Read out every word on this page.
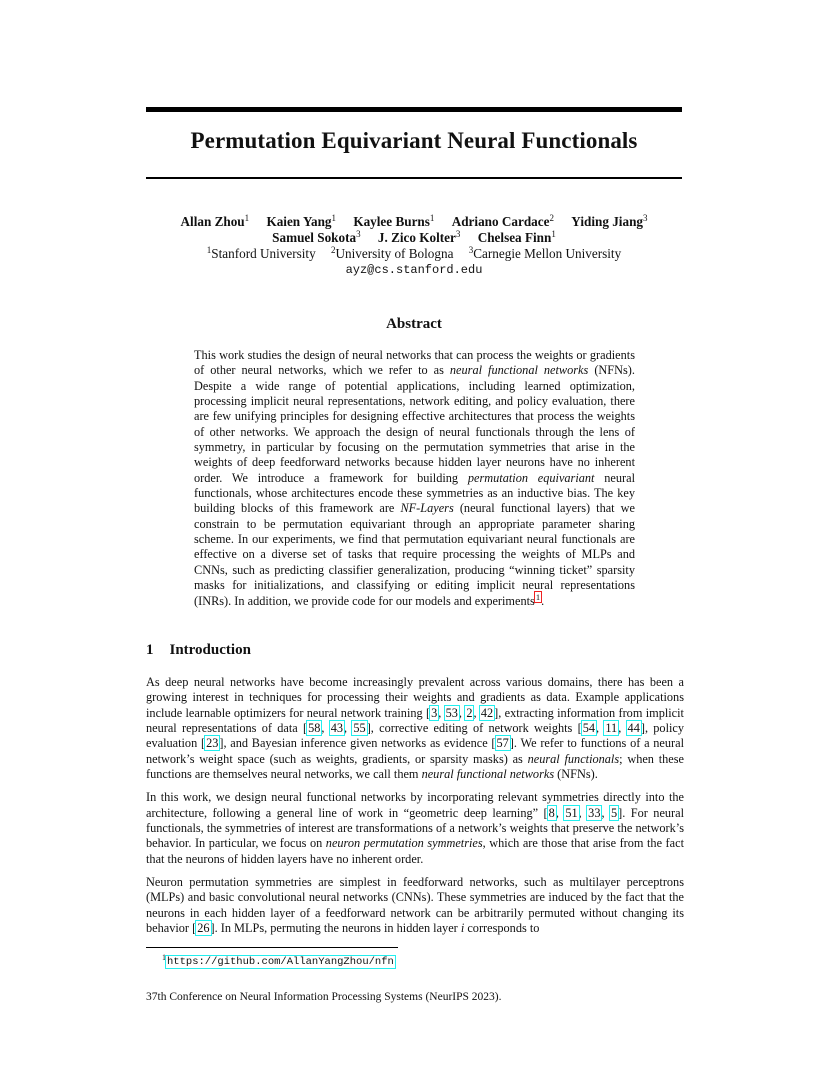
Permutation Equivariant Neural Functionals
Allan Zhou$^1$ Kaien Yang$^1$ Kaylee Burns$^1$ Adriano Cardace$^2$ Yiding Jiang$^3$
Samuel Sokota$^3$ J. Zico Kolter$^3$ Chelsea Finn$^1$
$^1$Stanford University $^2$University of Bologna $^3$Carnegie Mellon University
ayz@cs.stanford.edu
Abstract
This work studies the design of neural networks that can process the weights or gradients of other neural networks, which we refer to as neural functional networks (NFNs). Despite a wide range of potential applications, including learned optimization, processing implicit neural representations, network editing, and policy evaluation, there are few unifying principles for designing effective architectures that process the weights of other networks. We approach the design of neural functionals through the lens of symmetry, in particular by focusing on the permutation symmetries that arise in the weights of deep feedforward networks because hidden layer neurons have no inherent order. We introduce a framework for building permutation equivariant neural functionals, whose architectures encode these symmetries as an inductive bias. The key building blocks of this framework are NF-Layers (neural functional layers) that we constrain to be permutation equivariant through an appropriate parameter sharing scheme. In our experiments, we find that permutation equivariant neural functionals are effective on a diverse set of tasks that require processing the weights of MLPs and CNNs, such as predicting classifier generalization, producing “winning ticket” sparsity masks for initializations, and classifying or editing implicit neural representations (INRs). In addition, we provide code for our models and experiments$^1$.
1 Introduction

As deep neural networks have become increasingly prevalent across various domains, there has been a growing interest in techniques for processing their weights and gradients as data. Example applications include learnable optimizers for neural network training [3, 53, 2, 42], extracting information from implicit neural representations of data [58, 43, 55], corrective editing of network weights [54, 11, 44], policy evaluation [23], and Bayesian inference given networks as evidence [57]. We refer to functions of a neural network’s weight space (such as weights, gradients, or sparsity masks) as neural functionals; when these functions are themselves neural networks, we call them neural functional networks (NFNs).

In this work, we design neural functional networks by incorporating relevant symmetries directly into the architecture, following a general line of work in “geometric deep learning” [8, 51, 33, 5]. For neural functionals, the symmetries of interest are transformations of a network’s weights that preserve the network’s behavior. In particular, we focus on neuron permutation symmetries, which are those that arise from the fact that the neurons of hidden layers have no inherent order.

Neuron permutation symmetries are simplest in feedforward networks, such as multilayer perceptrons (MLPs) and basic convolutional neural networks (CNNs). These symmetries are induced by the fact that the neurons in each hidden layer of a feedforward network can be arbitrarily permuted without changing its behavior [26]. In MLPs, permuting the neurons in hidden layer i corresponds to

$^1$https://github.com/AllanYangZhou/nfn
37th Conference on Neural Information Processing Systems (NeurIPS 2023).
